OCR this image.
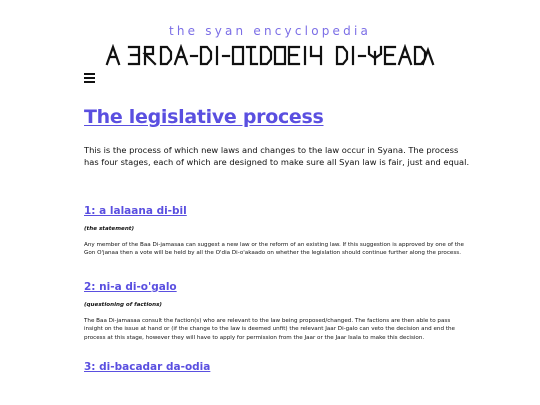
the syan encyclopedia

The legislative process

This is the process of which new laws and changes to the law occur in Syana. The process has four stages, each of which are designed to make sure all Syan law is fair, just and equal.

1: a lalaana di-bil

(the statement)

Any member of the Baa Di-jamasaa can suggest a new law or the reform of an existing law. If this suggestion is approved by one of the Gon O'janaa then a vote will be held by all the O'dia Di-o'akaado on whether the legislation should continue further along the process.

2: ni-a di-o'galo

(questioning of factions)

The Baa Di-jamasaa consult the faction(s) who are relevant to the law being proposed/changed. The factions are then able to pass insight on the issue at hand or (if the change to the law is deemed unfit) the relevant Jaar Di-galo can veto the decision and end the process at this stage, however they will have to apply for permission from the Jaar or the Jaar Isala to make this decision.

3: di-bacadar da-odia
